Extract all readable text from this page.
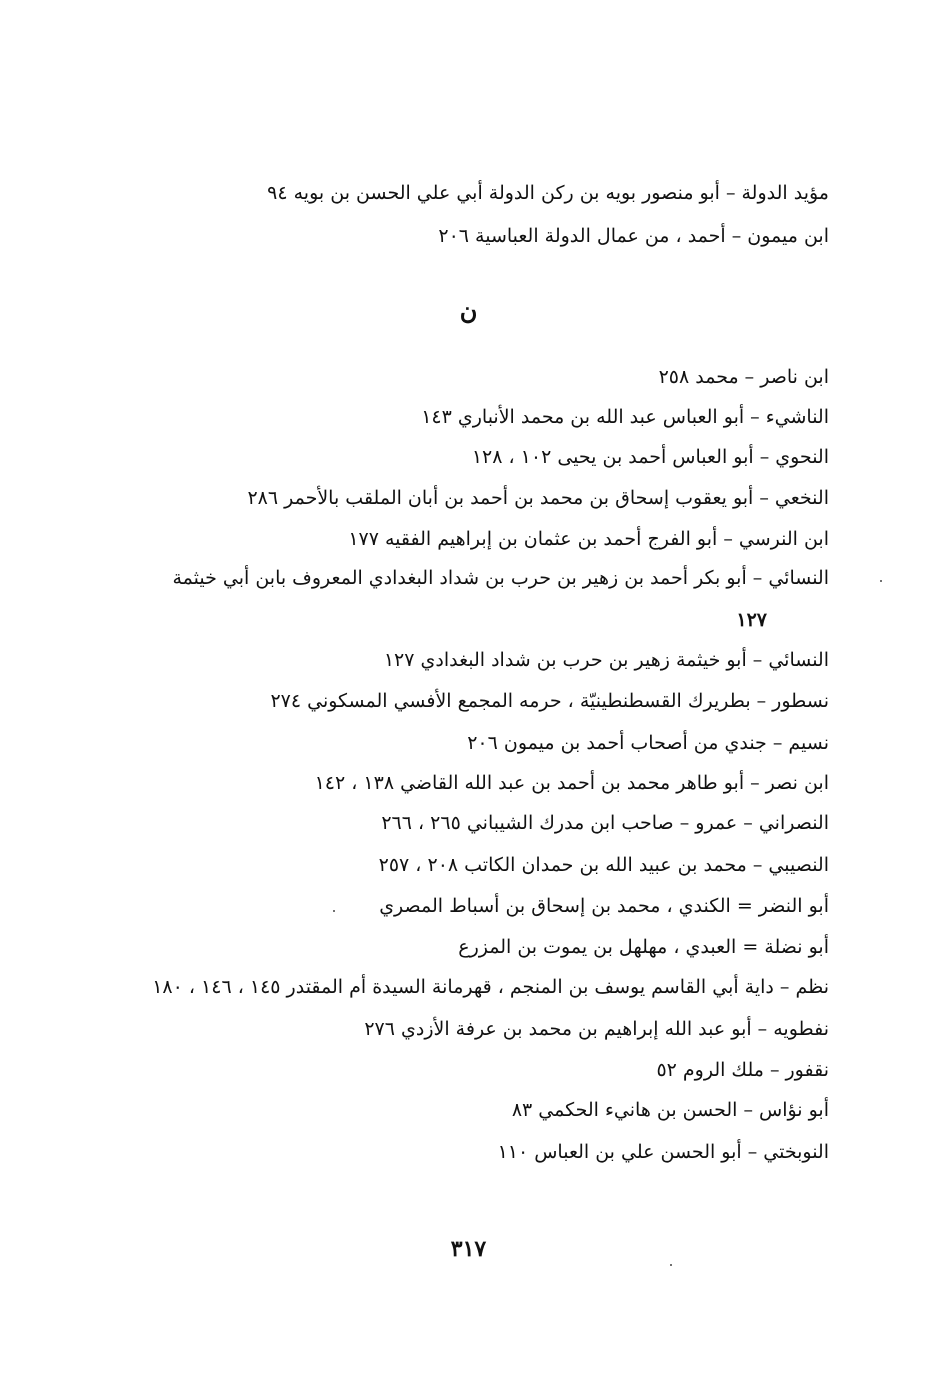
مؤيد الدولة – أبو منصور بويه بن ركن الدولة أبي علي الحسن بن بويه ٩٤
ابن ميمون – أحمد ، من عمال الدولة العباسية ٢٠٦
ن
ابن ناصر – محمد ٢٥٨
الناشيء – أبو العباس عبد الله بن محمد الأنباري ١٤٣
النحوي – أبو العباس أحمد بن يحيى ١٠٢ ، ١٢٨
النخعي – أبو يعقوب إسحاق بن محمد بن أحمد بن أبان الملقب بالأحمر ٢٨٦
ابن النرسي – أبو الفرج أحمد بن عثمان بن إبراهيم الفقيه ١٧٧
النسائي – أبو بكر أحمد بن زهير بن حرب بن شداد البغدادي المعروف بابن أبي خيثمة
١٢٧
النسائي – أبو خيثمة زهير بن حرب بن شداد البغدادي ١٢٧
نسطور – بطريرك القسطنطينيّة ، حرمه المجمع الأفسي المسكوني ٢٧٤
نسيم – جندي من أصحاب أحمد بن ميمون ٢٠٦
ابن نصر – أبو طاهر محمد بن أحمد بن عبد الله القاضي ١٣٨ ، ١٤٢
النصراني – عمرو – صاحب ابن مدرك الشيباني ٢٦٥ ، ٢٦٦
النصيبي – محمد بن عبيد الله بن حمدان الكاتب ٢٠٨ ، ٢٥٧
أبو النضر = الكندي ، محمد بن إسحاق بن أسباط المصري
أبو نضلة = العبدي ، مهلهل بن يموت بن المزرع
نظم – داية أبي القاسم يوسف بن المنجم ، قهرمانة السيدة أم المقتدر ١٤٥ ، ١٤٦ ، ١٨٠
نفطويه – أبو عبد الله إبراهيم بن محمد بن عرفة الأزدي ٢٧٦
نقفور – ملك الروم ٥٢
أبو نؤاس – الحسن بن هانيء الحكمي ٨٣
النوبختي – أبو الحسن علي بن العباس ١١٠
٣١٧
